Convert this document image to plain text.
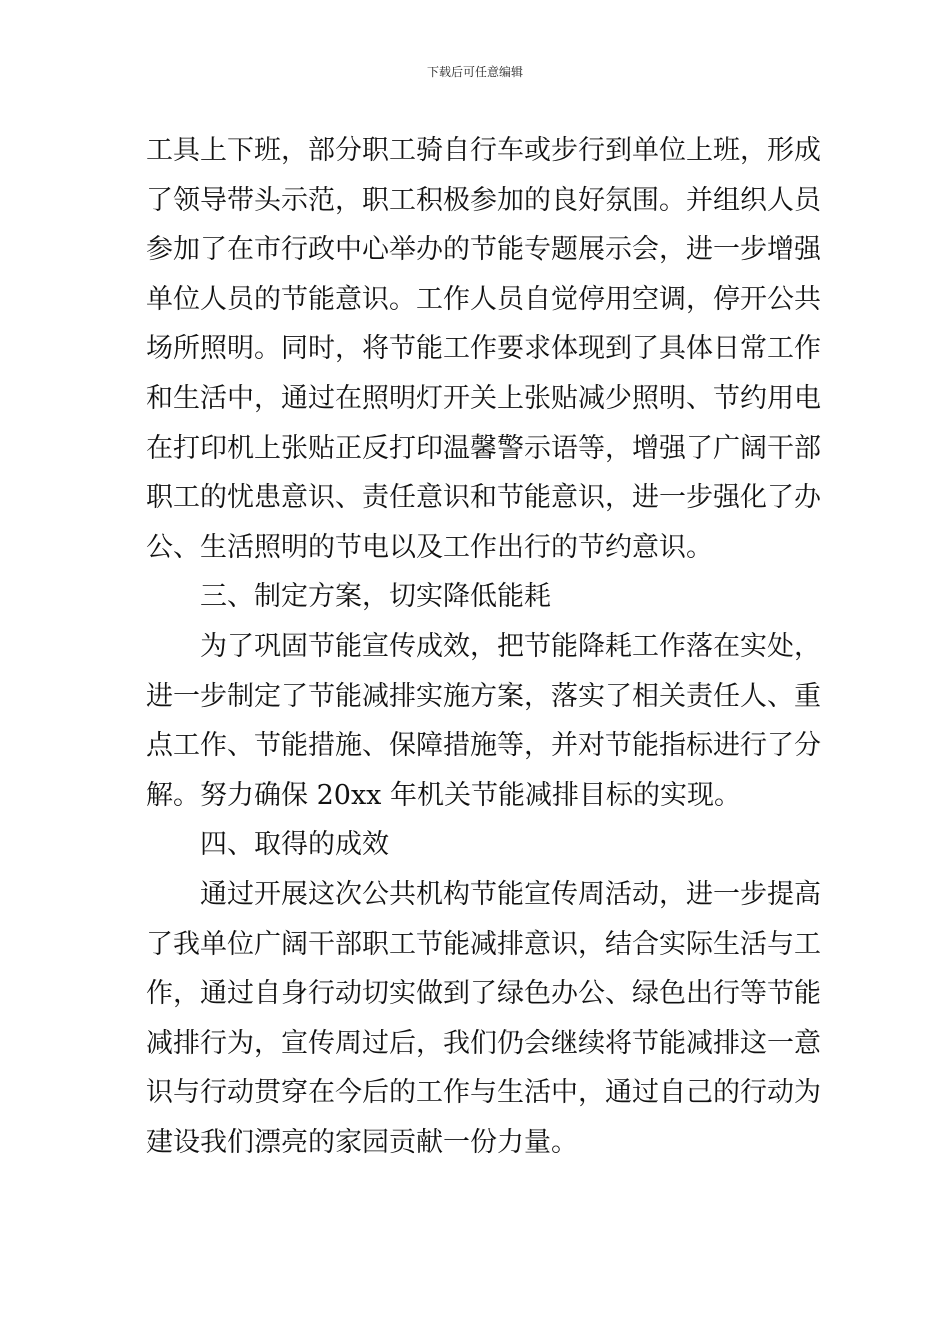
下载后可任意编辑
工具上下班，部分职工骑自行车或步行到单位上班，形成
了领导带头示范，职工积极参加的良好氛围。并组织人员
参加了在市行政中心举办的节能专题展示会，进一步增强
单位人员的节能意识。工作人员自觉停用空调，停开公共
场所照明。同时，将节能工作要求体现到了具体日常工作
和生活中，通过在照明灯开关上张贴减少照明、节约用电
在打印机上张贴正反打印温馨警示语等，增强了广阔干部
职工的忧患意识、责任意识和节能意识，进一步强化了办
公、生活照明的节电以及工作出行的节约意识。
三、制定方案，切实降低能耗
为了巩固节能宣传成效，把节能降耗工作落在实处，
进一步制定了节能减排实施方案，落实了相关责任人、重
点工作、节能措施、保障措施等，并对节能指标进行了分
解。努力确保 20xx 年机关节能减排目标的实现。
四、取得的成效
通过开展这次公共机构节能宣传周活动，进一步提高
了我单位广阔干部职工节能减排意识，结合实际生活与工
作，通过自身行动切实做到了绿色办公、绿色出行等节能
减排行为，宣传周过后，我们仍会继续将节能减排这一意
识与行动贯穿在今后的工作与生活中，通过自己的行动为
建设我们漂亮的家园贡献一份力量。
